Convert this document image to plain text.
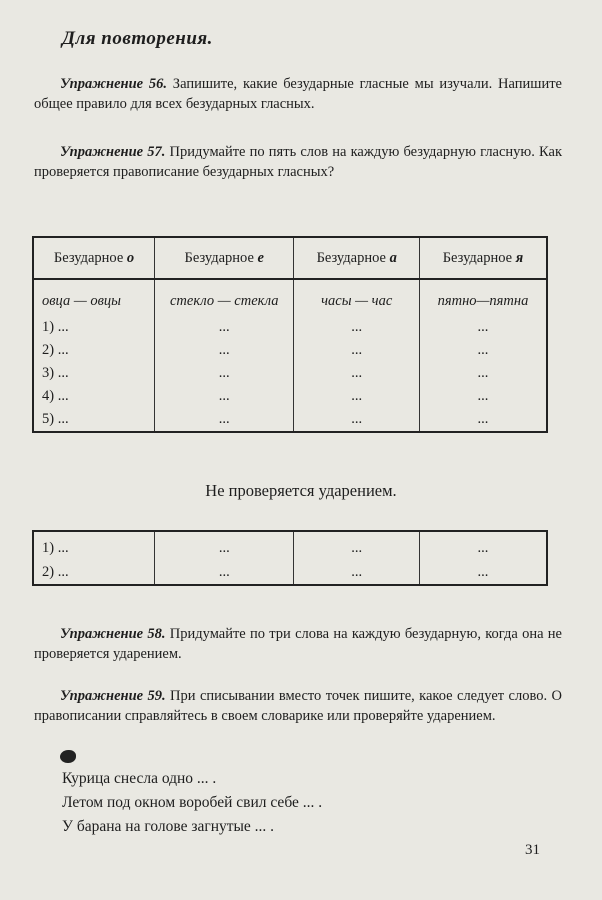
Для повторения.
Упражнение 56. Запишите, какие безударные гласные мы изучали. Напишите общее правило для всех безударных гласных.
Упражнение 57. Придумайте по пять слов на каждую безударную гласную. Как проверяется правописание безударных гласных?
Безударное о	Безударное е	Безударное а	Безударное я
овца — овцы	стекло — стекла	часы — час	пятно—пятна
1) ...	...	...	...
2) ...	...	...	...
3) ...	...	...	...
4) ...	...	...	...
5) ...	...	...	...
Не проверяется ударением.
1) ...	...	...	...
2) ...	...	...	...
Упражнение 58. Придумайте по три слова на каждую безударную, когда она не проверяется ударением.
Упражнение 59. При списывании вместо точек пишите, какое следует слово. О правописании справляйтесь в своем словарике или проверяйте ударением.
Курица снесла одно ... .
Летом под окном воробей свил себе ... .
У барана на голове загнутые ... .
31
